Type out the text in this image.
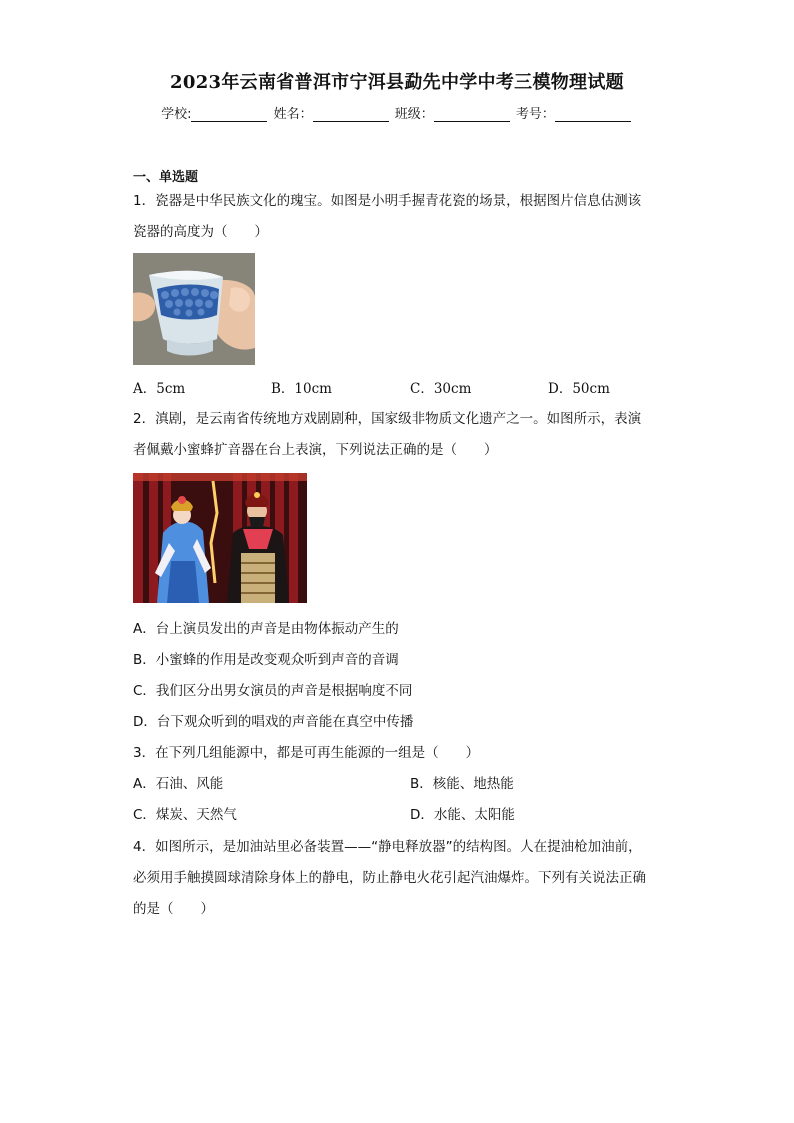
2023年云南省普洱市宁洱县勐先中学中考三模物理试题
学校:	姓名：	班级：	考号：
一、单选题
1．瓷器是中华民族文化的瑰宝。如图是小明手握青花瓷的场景，根据图片信息估测该
瓷器的高度为（　　）
A．5cm	B．10cm	C．30cm	D．50cm
2．滇剧，是云南省传统地方戏剧剧种，国家级非物质文化遗产之一。如图所示，表演
者佩戴小蜜蜂扩音器在台上表演，下列说法正确的是（　　）
A．台上演员发出的声音是由物体振动产生的
B．小蜜蜂的作用是改变观众听到声音的音调
C．我们区分出男女演员的声音是根据响度不同
D．台下观众听到的唱戏的声音能在真空中传播
3．在下列几组能源中，都是可再生能源的一组是（　　）
A．石油、风能	B．核能、地热能
C．煤炭、天然气	D．水能、太阳能
4．如图所示，是加油站里必备装置——“静电释放器”的结构图。人在提油枪加油前，
必须用手触摸圆球清除身体上的静电，防止静电火花引起汽油爆炸。下列有关说法正确
的是（　　）
